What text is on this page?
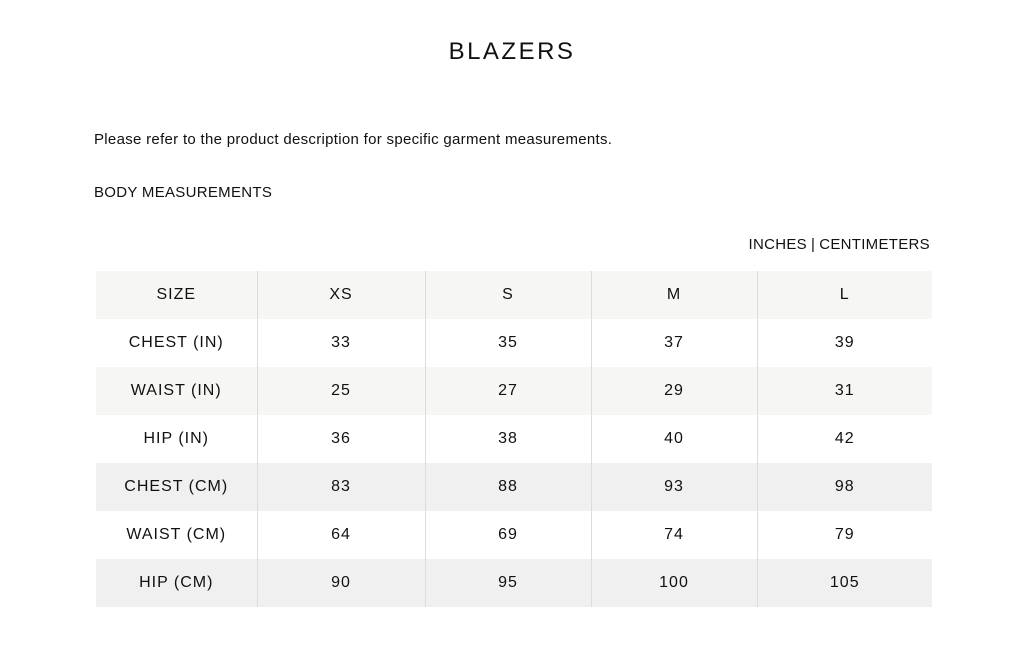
BLAZERS
Please refer to the product description for specific garment measurements.
BODY MEASUREMENTS
INCHES | CENTIMETERS
SIZE	XS	S	M	L
CHEST (IN)	33	35	37	39
WAIST (IN)	25	27	29	31
HIP (IN)	36	38	40	42
CHEST (CM)	83	88	93	98
WAIST (CM)	64	69	74	79
HIP (CM)	90	95	100	105
